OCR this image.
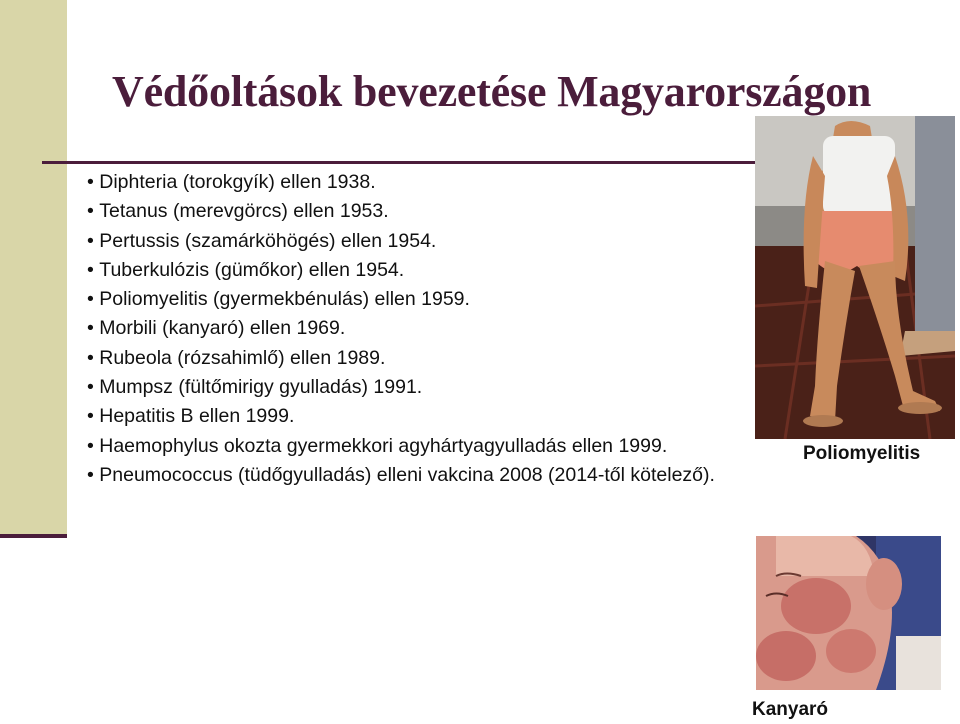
Védőoltások bevezetése Magyarországon
• Diphteria (torokgyík) ellen 1938.
• Tetanus (merevgörcs) ellen 1953.
• Pertussis (szamárköhögés) ellen 1954.
• Tuberkulózis (gümőkor) ellen 1954.
• Poliomyelitis (gyermekbénulás) ellen 1959.
• Morbili (kanyaró) ellen 1969.
• Rubeola (rózsahimlő) ellen 1989.
• Mumpsz (fültőmirigy gyulladás) 1991.
• Hepatitis B ellen 1999.
• Haemophylus okozta gyermekkori agyhártyagyulladás ellen 1999.
• Pneumococcus (tüdőgyulladás) elleni vakcina 2008 (2014-től kötelező).
Poliomyelitis
Kanyaró
